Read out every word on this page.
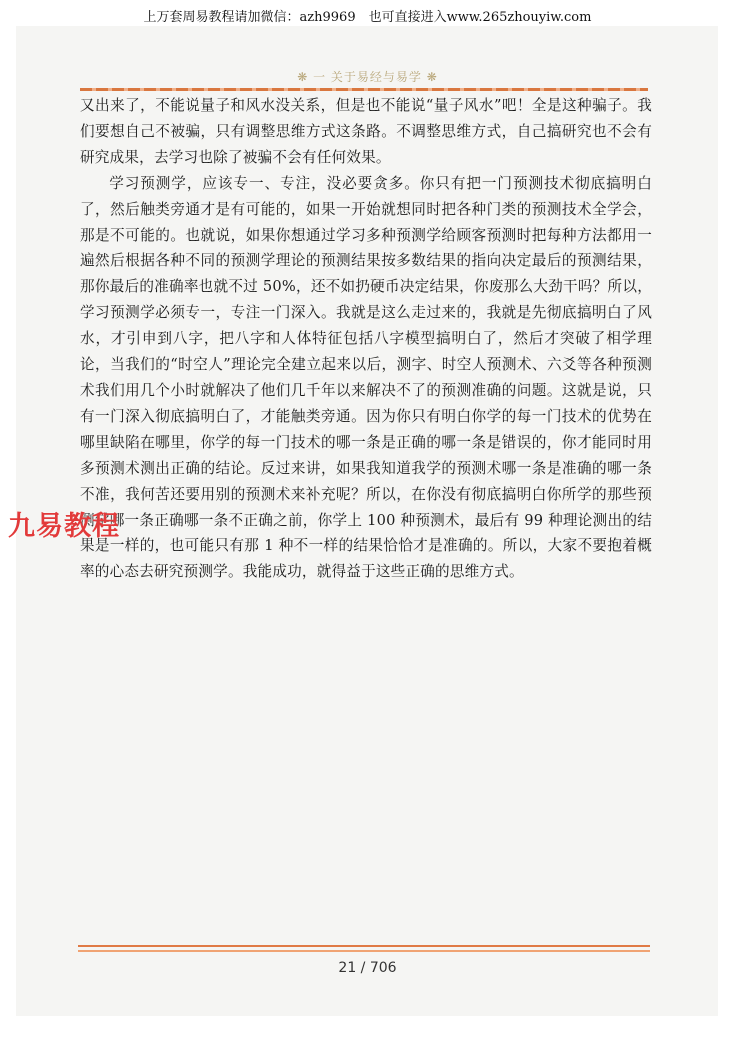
上万套周易教程请加微信：azh9969　也可直接进入www.265zhouyiw.com
❋ 一 关于易经与易学 ❋

又出来了，不能说量子和风水没关系，但是也不能说“量子风水”吧！全是这种骗子。我们要想自己不被骗，只有调整思维方式这条路。不调整思维方式，自己搞研究也不会有研究成果，去学习也除了被骗不会有任何效果。

学习预测学，应该专一、专注，没必要贪多。你只有把一门预测技术彻底搞明白了，然后触类旁通才是有可能的，如果一开始就想同时把各种门类的预测技术全学会，那是不可能的。也就说，如果你想通过学习多种预测学给顾客预测时把每种方法都用一遍然后根据各种不同的预测学理论的预测结果按多数结果的指向决定最后的预测结果，那你最后的准确率也就不过 50%，还不如扔硬币决定结果，你废那么大劲干吗？所以，学习预测学必须专一，专注一门深入。我就是这么走过来的，我就是先彻底搞明白了风水，才引申到八字，把八字和人体特征包括八字模型搞明白了，然后才突破了相学理论，当我们的“时空人”理论完全建立起来以后，测字、时空人预测术、六爻等各种预测术我们用几个小时就解决了他们几千年以来解决不了的预测准确的问题。这就是说，只有一门深入彻底搞明白了，才能触类旁通。因为你只有明白你学的每一门技术的优势在哪里缺陷在哪里，你学的每一门技术的哪一条是正确的哪一条是错误的，你才能同时用多预测术测出正确的结论。反过来讲，如果我知道我学的预测术哪一条是准确的哪一条不准，我何苦还要用别的预测术来补充呢？所以，在你没有彻底搞明白你所学的那些预测学哪一条正确哪一条不正确之前，你学上 100 种预测术，最后有 99 种理论测出的结果是一样的，也可能只有那 1 种不一样的结果恰恰才是准确的。所以，大家不要抱着概率的心态去研究预测学。我能成功，就得益于这些正确的思维方式。

九易教程
21 / 706
